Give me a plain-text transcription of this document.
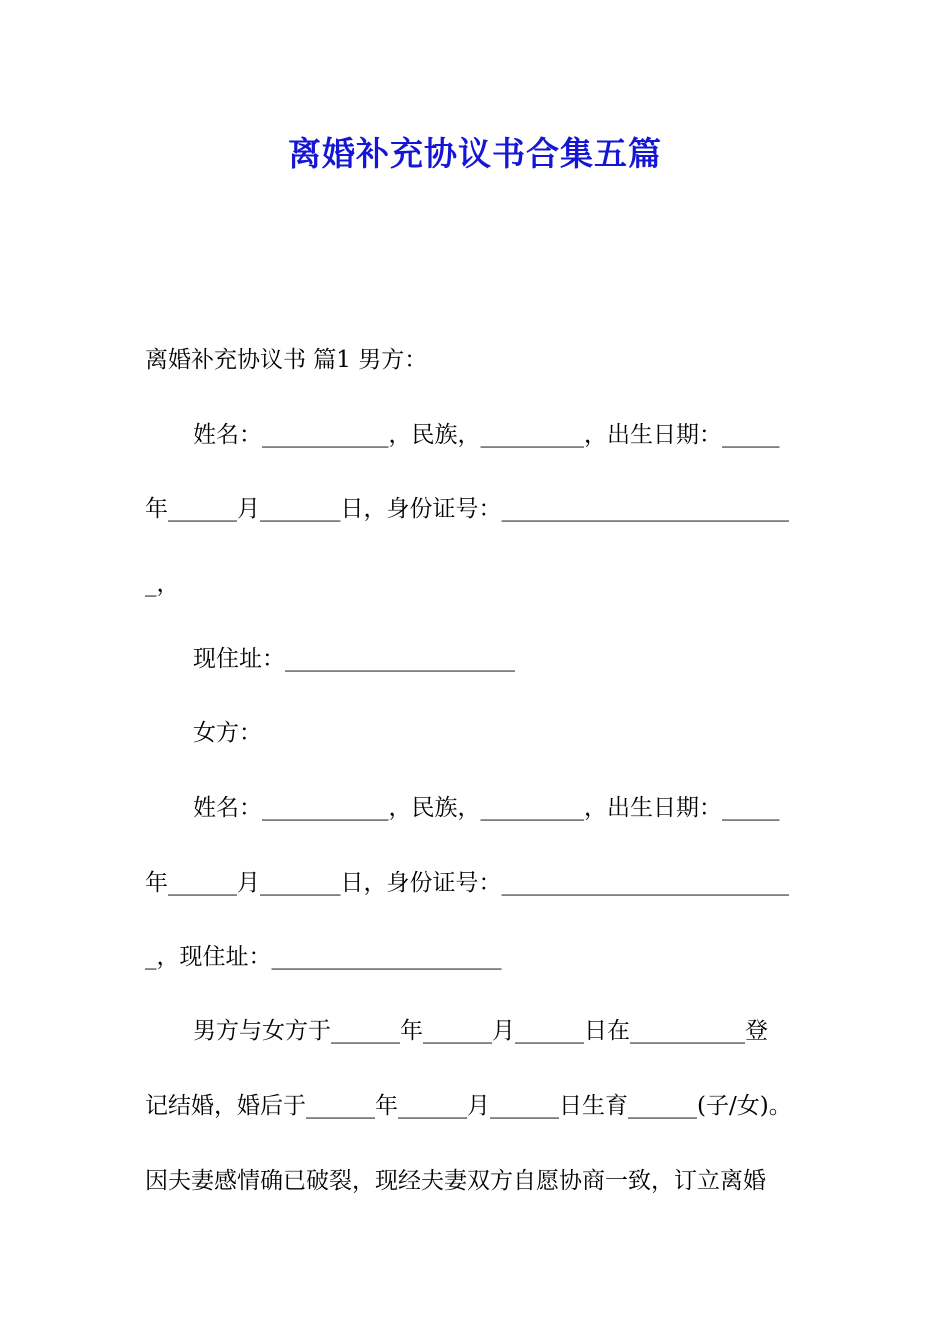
离婚补充协议书合集五篇
离婚补充协议书 篇1 男方：
姓名：___________，民族，_________，出生日期：_____
年______月_______日，身份证号：_________________________
_，
现住址：____________________
女方：
姓名：___________，民族，_________，出生日期：_____
年______月_______日，身份证号：_________________________
_，现住址：____________________
男方与女方于______年______月______日在__________登
记结婚，婚后于______年______月______日生育______(子/女)。
因夫妻感情确已破裂，现经夫妻双方自愿协商一致，订立离婚
